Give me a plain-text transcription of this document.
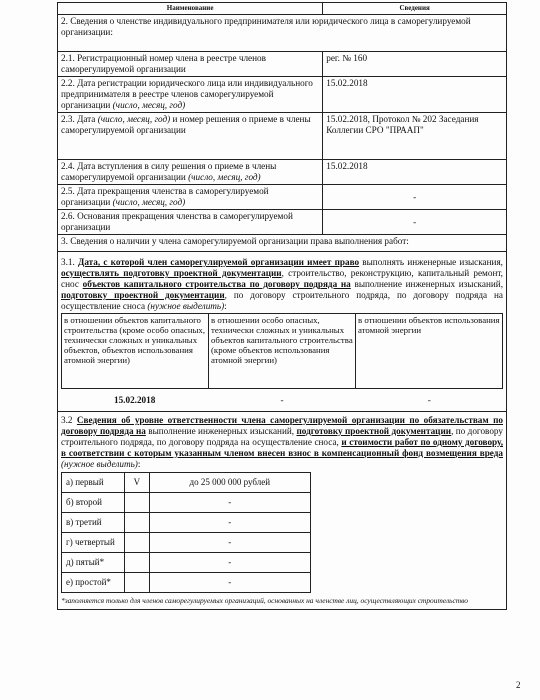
Наименование	Сведения
2. Сведения о членстве индивидуального предпринимателя или юридического лица в саморегулируемой организации:
2.1. Регистрационный номер члена в реестре членов саморегулируемой организации	рег. № 160
2.2. Дата регистрации юридического лица или индивидуального предпринимателя в реестре членов саморегулируемой организации (число, месяц, год)	15.02.2018
2.3. Дата (число, месяц, год) и номер решения о приеме в члены саморегулируемой организации	15.02.2018, Протокол № 202 Заседания Коллегии СРО "ПРААП"
2.4. Дата вступления в силу решения о приеме в члены саморегулируемой организации (число, месяц, год)	15.02.2018
2.5. Дата прекращения членства в саморегулируемой организации (число, месяц, год)	-
2.6. Основания прекращения членства в саморегулируемой организации	-
3. Сведения о наличии у члена саморегулируемой организации права выполнения работ:

3.1. Дата, с которой член саморегулируемой организации имеет право выполнять инженерные изыскания, осуществлять подготовку проектной документации, строительство, реконструкцию, капитальный ремонт, снос объектов капитального строительства по договору подряда на выполнение инженерных изысканий, подготовку проектной документации, по договору строительного подряда, по договору подряда на осуществление сноса (нужное выделить):
в отношении объектов капитального строительства (кроме особо опасных, технически сложных и уникальных объектов, объектов использования атомной энергии)	в отношении особо опасных, технически сложных и уникальных объектов капитального строительства (кроме объектов использования атомной энергии)	в отношении объектов использования атомной энергии
15.02.2018	-	-

3.2 Сведения об уровне ответственности члена саморегулируемой организации по обязательствам по договору подряда на выполнение инженерных изысканий, подготовку проектной документации, по договору строительного подряда, по договору подряда на осуществление сноса, и стоимости работ по одному договору, в соответствии с которым указанным членом внесен взнос в компенсационный фонд возмещения вреда (нужное выделить):
а) первый	V	до 25 000 000 рублей
б) второй		-
в) третий		-
г) четвертый		-
д) пятый*		-
е) простой*		-
*заполняется только для членов саморегулируемых организаций, основанных на членстве лиц, осуществляющих строительство
2
